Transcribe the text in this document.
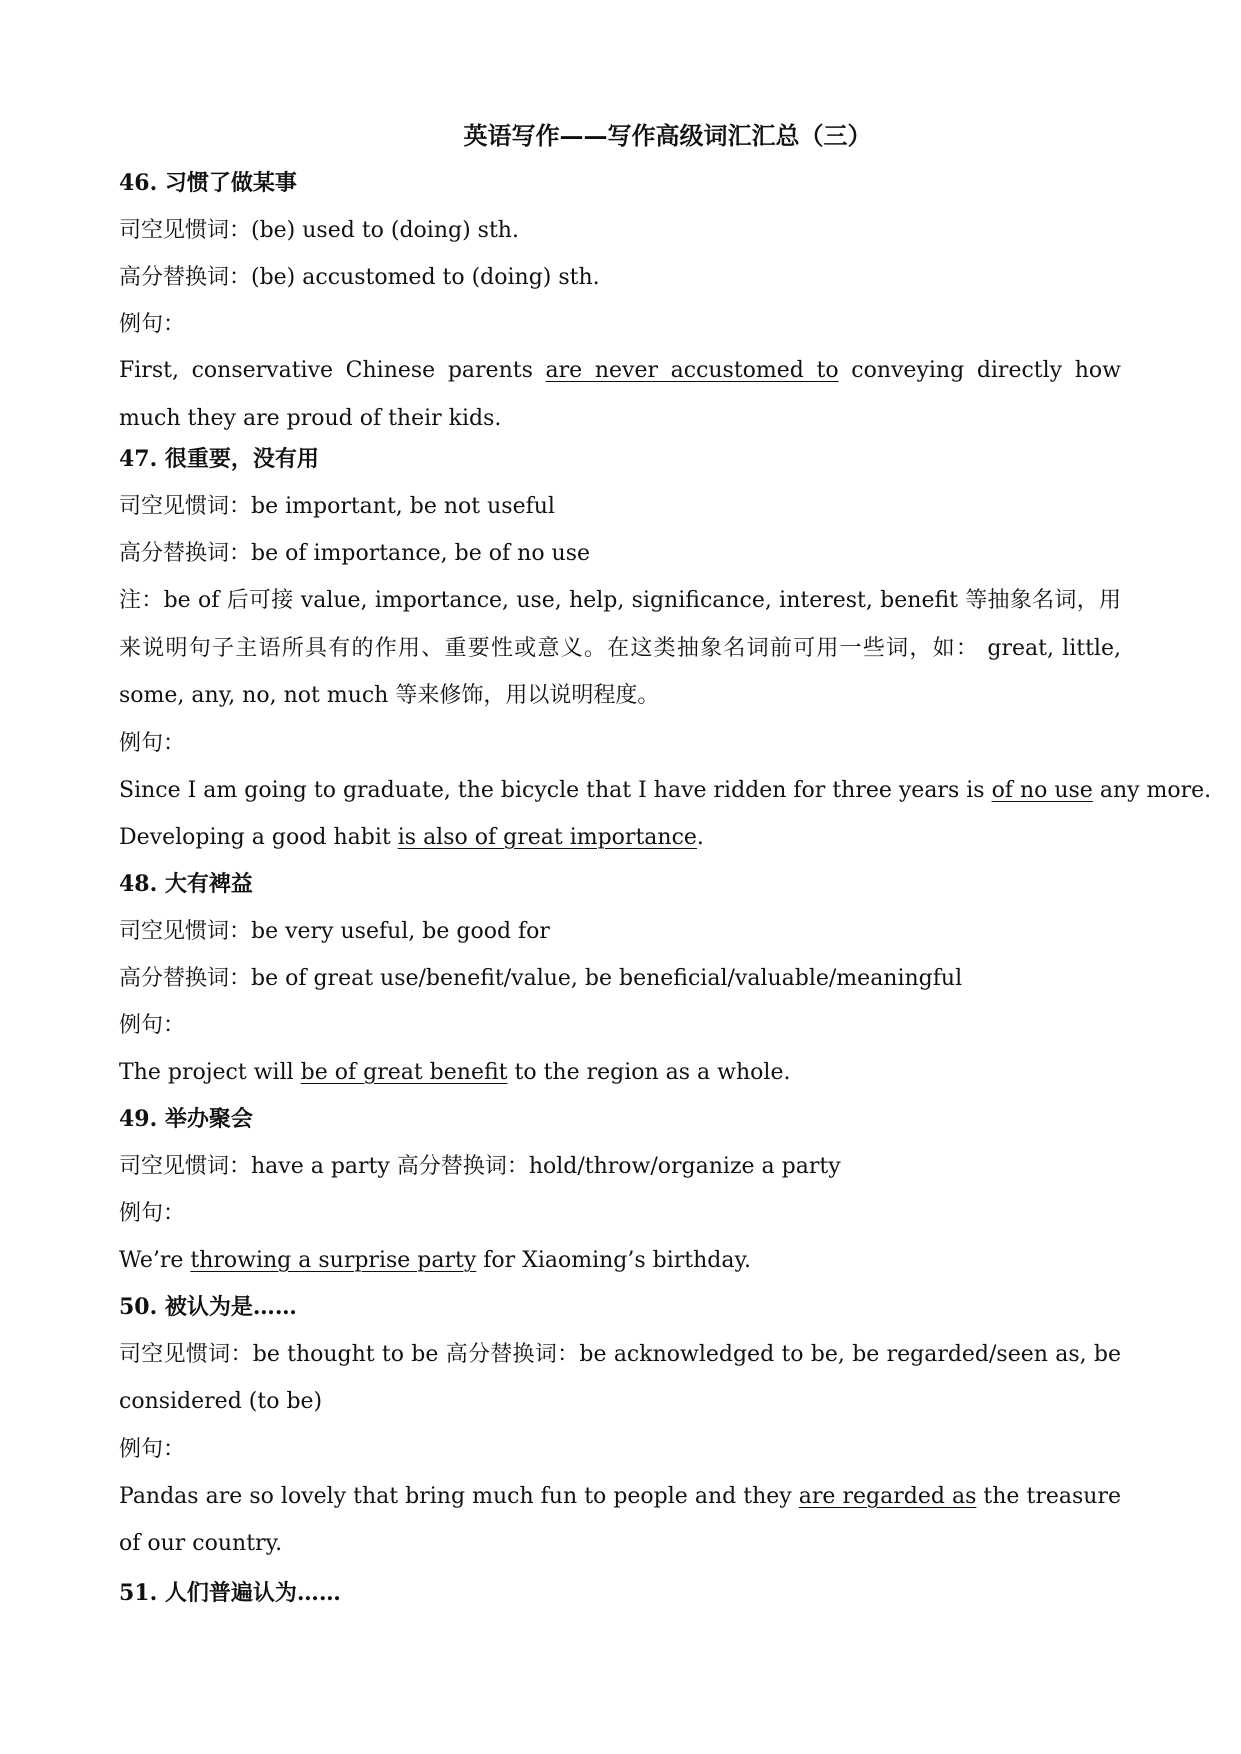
英语写作——写作高级词汇汇总（三）
46. 习惯了做某事
司空见惯词：(be) used to (doing) sth.
高分替换词：(be) accustomed to (doing) sth.
例句：
First, conservative Chinese parents are never accustomed to conveying directly how much they are proud of their kids.
47. 很重要，没有用
司空见惯词：be important, be not useful
高分替换词：be of importance, be of no use
注：be of 后可接 value, importance, use, help, significance, interest, benefit 等抽象名词，用来说明句子主语所具有的作用、重要性或意义。在这类抽象名词前可用一些词，如： great, little, some, any, no, not much 等来修饰，用以说明程度。
例句：
Since I am going to graduate, the bicycle that I have ridden for three years is of no use any more.
Developing a good habit is also of great importance.
48. 大有裨益
司空见惯词：be very useful, be good for
高分替换词：be of great use/benefit/value, be beneficial/valuable/meaningful
例句：
The project will be of great benefit to the region as a whole.
49. 举办聚会
司空见惯词：have a party 高分替换词：hold/throw/organize a party
例句：
We’re throwing a surprise party for Xiaoming’s birthday.
50. 被认为是……
司空见惯词：be thought to be 高分替换词：be acknowledged to be, be regarded/seen as, be considered (to be)
例句：
Pandas are so lovely that bring much fun to people and they are regarded as the treasure of our country.
51. 人们普遍认为……
